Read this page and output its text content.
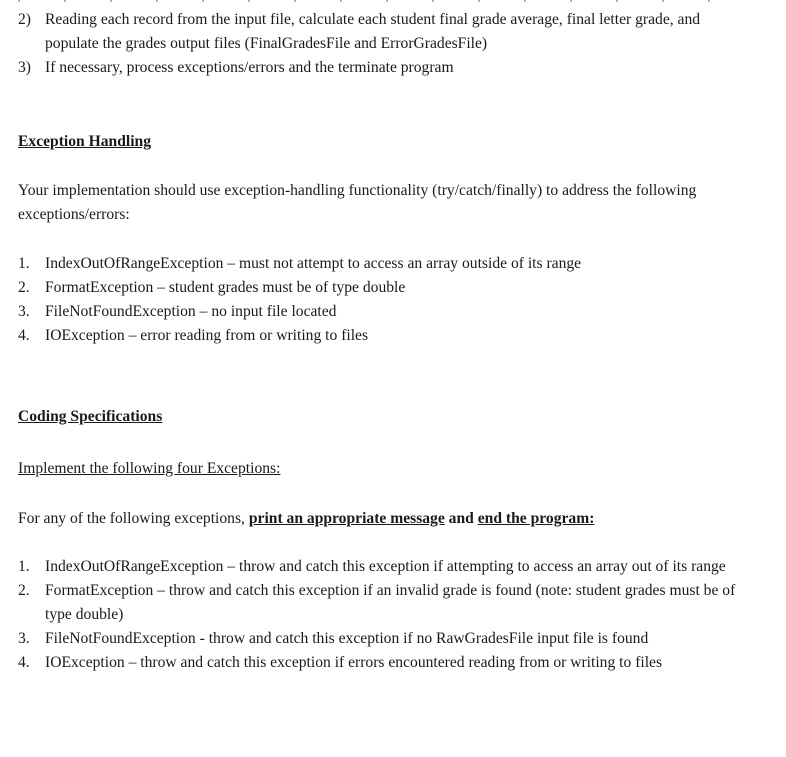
2) Reading each record from the input file, calculate each student final grade average, final letter grade, and populate the grades output files (FinalGradesFile and ErrorGradesFile)
3) If necessary, process exceptions/errors and the terminate program
Exception Handling
Your implementation should use exception-handling functionality (try/catch/finally) to address the following exceptions/errors:
1. IndexOutOfRangeException – must not attempt to access an array outside of its range
2. FormatException – student grades must be of type double
3. FileNotFoundException – no input file located
4. IOException – error reading from or writing to files
Coding Specifications
Implement the following four Exceptions:
For any of the following exceptions, print an appropriate message and end the program:
1. IndexOutOfRangeException – throw and catch this exception if attempting to access an array out of its range
2. FormatException – throw and catch this exception if an invalid grade is found (note: student grades must be of type double)
3. FileNotFoundException - throw and catch this exception if no RawGradesFile input file is found
4. IOException – throw and catch this exception if errors encountered reading from or writing to files
